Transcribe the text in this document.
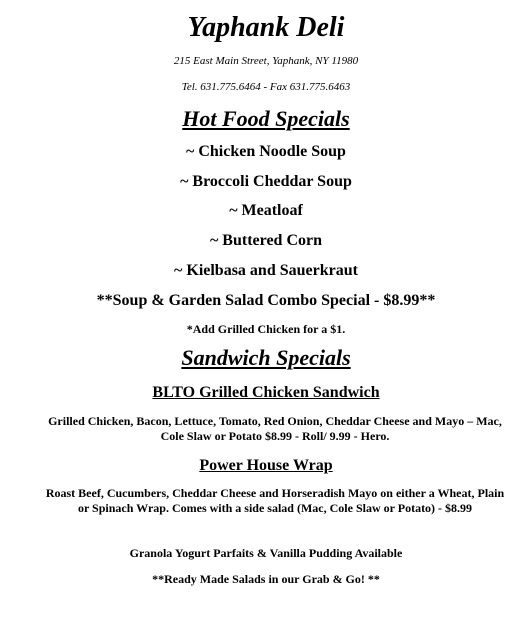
Yaphank Deli
215 East Main Street, Yaphank, NY 11980
Tel. 631.775.6464 - Fax 631.775.6463
Hot Food Specials
~ Chicken Noodle Soup
~ Broccoli Cheddar Soup
~ Meatloaf
~ Buttered Corn
~ Kielbasa and Sauerkraut
**Soup & Garden Salad Combo Special - $8.99**
*Add Grilled Chicken for a $1.
Sandwich Specials
BLTO Grilled Chicken Sandwich
Grilled Chicken, Bacon, Lettuce, Tomato, Red Onion, Cheddar Cheese and Mayo – Mac, Cole Slaw or Potato $8.99 - Roll/ 9.99 - Hero.
Power House Wrap
Roast Beef, Cucumbers, Cheddar Cheese and Horseradish Mayo on either a Wheat, Plain or Spinach Wrap. Comes with a side salad (Mac, Cole Slaw or Potato) - $8.99
Granola Yogurt Parfaits & Vanilla Pudding Available
**Ready Made Salads in our Grab & Go! **
